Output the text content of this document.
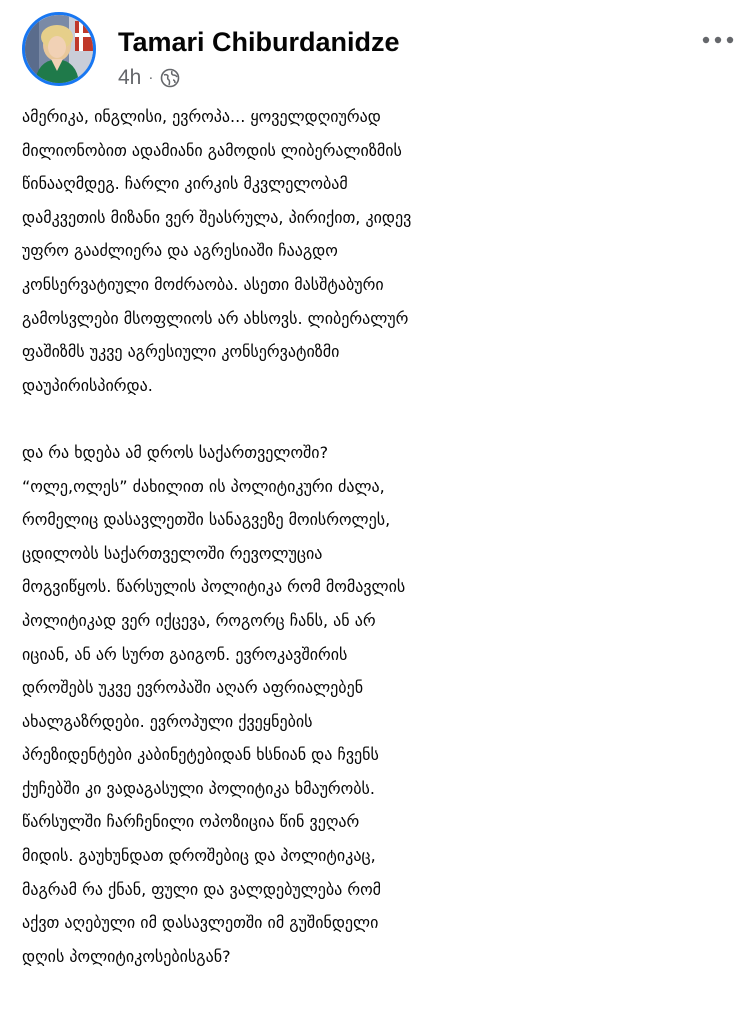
Tamari Chiburdanidze
4h ·

ამერიკა, ინგლისი, ევროპა... ყოველდღიურად

მილიონობით ადამიანი გამოდის ლიბერალიზმის

წინააღმდეგ. ჩარლი კირკის მკვლელობამ

დამკვეთის მიზანი ვერ შეასრულა, პირიქით, კიდევ

უფრო გააძლიერა და აგრესიაში ჩააგდო

კონსერვატიული მოძრაობა. ასეთი მასშტაბური

გამოსვლები მსოფლიოს არ ახსოვს. ლიბერალურ

ფაშიზმს უკვე აგრესიული კონსერვატიზმი

დაუპირისპირდა.

და რა ხდება ამ დროს საქართველოში?

“ოლე,ოლეს” ძახილით ის პოლიტიკური ძალა,

რომელიც დასავლეთში სანაგვეზე მოისროლეს,

ცდილობს საქართველოში რევოლუცია

მოგვიწყოს. წარსულის პოლიტიკა რომ მომავლის

პოლიტიკად ვერ იქცევა, როგორც ჩანს, ან არ

იციან, ან არ სურთ გაიგონ. ევროკავშირის

დროშებს უკვე ევროპაში აღარ აფრიალებენ

ახალგაზრდები. ევროპული ქვეყნების

პრეზიდენტები კაბინეტებიდან ხსნიან და ჩვენს

ქუჩებში კი ვადაგასული პოლიტიკა ხმაურობს.

წარსულში ჩარჩენილი ოპოზიცია წინ ვეღარ

მიდის. გაუხუნდათ დროშებიც და პოლიტიკაც,

მაგრამ რა ქნან, ფული და ვალდებულება რომ

აქვთ აღებული იმ დასავლეთში იმ გუშინდელი

დღის პოლიტიკოსებისგან?
